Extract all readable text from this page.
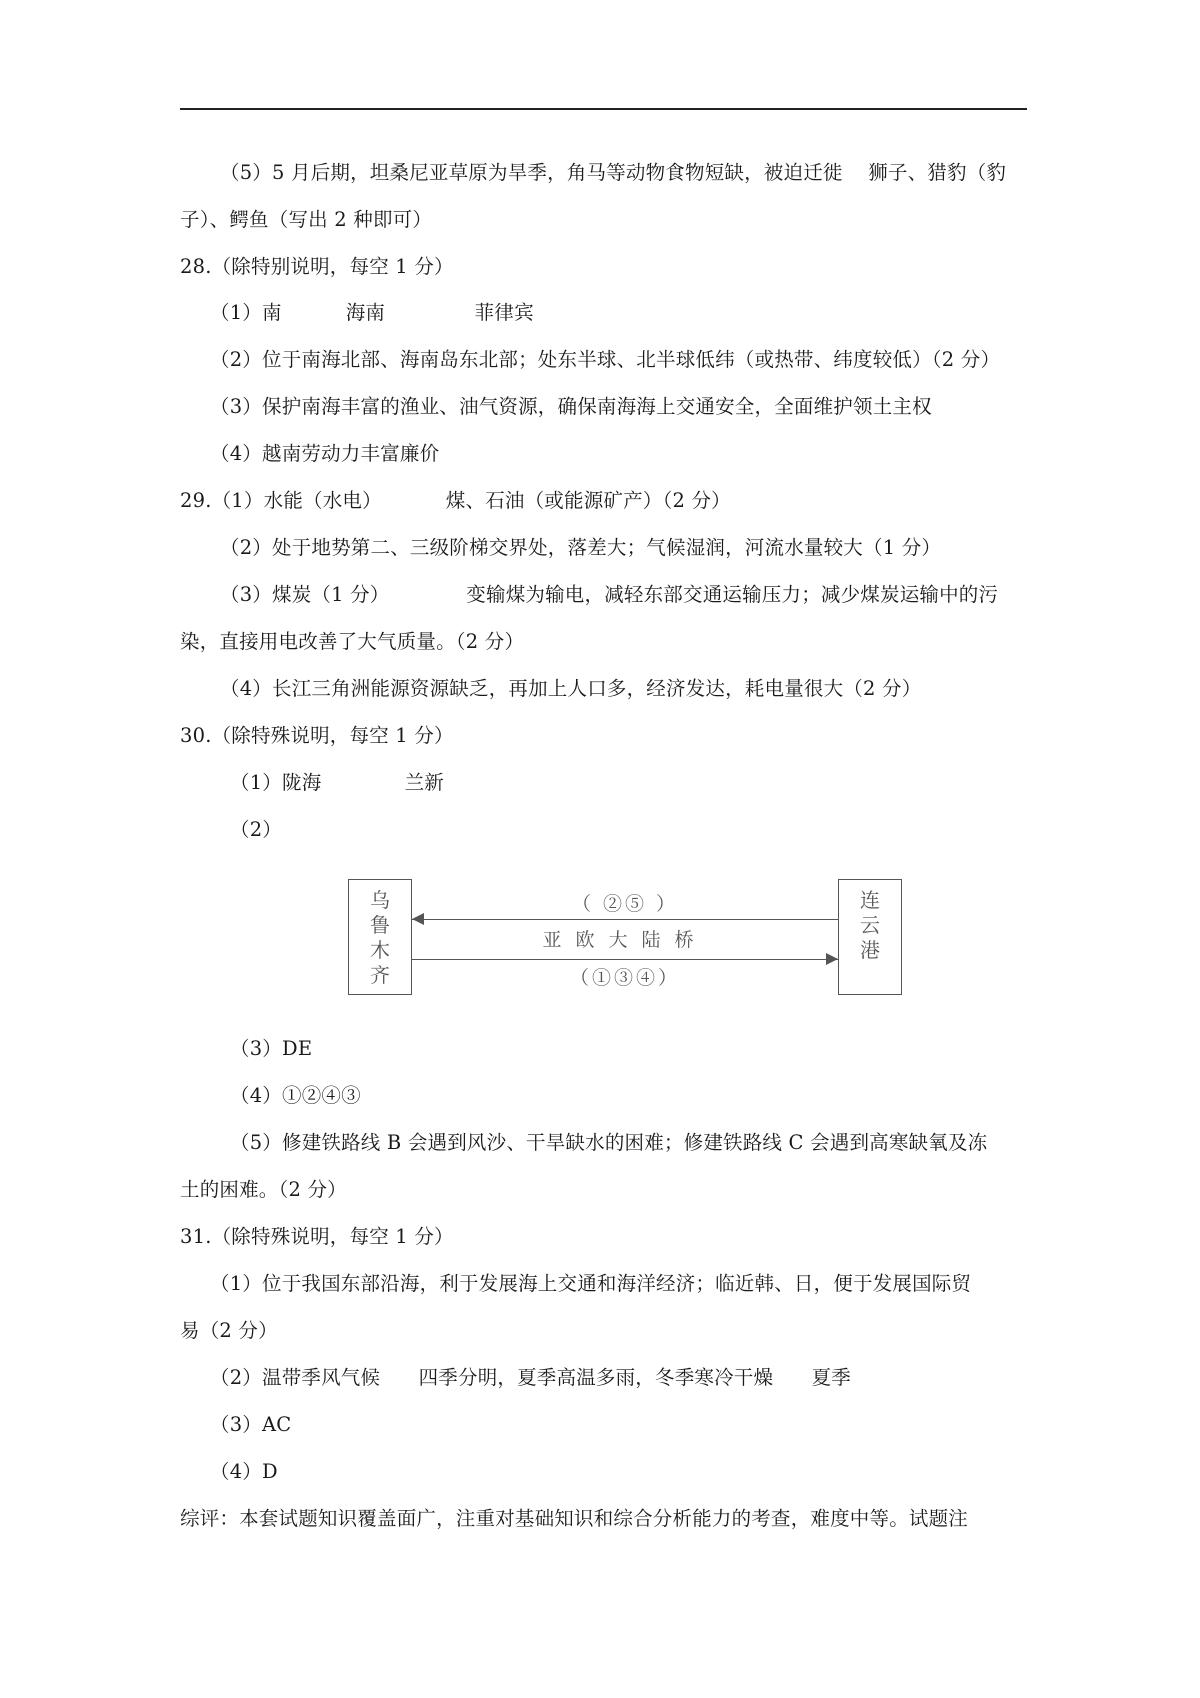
（5）5 月后期，坦桑尼亚草原为旱季，角马等动物食物短缺，被迫迁徙    狮子、猎豹（豹
子）、鳄鱼（写出 2 种即可）
28.（除特别说明，每空 1 分）
（1）南          海南              菲律宾
（2）位于南海北部、海南岛东北部；处东半球、北半球低纬（或热带、纬度较低）（2 分）
（3）保护南海丰富的渔业、油气资源，确保南海海上交通安全，全面维护领土主权
（4）越南劳动力丰富廉价
29.（1）水能（水电）          煤、石油（或能源矿产）（2 分）
（2）处于地势第二、三级阶梯交界处，落差大；气候湿润，河流水量较大（1 分）
（3）煤炭（1 分）            变输煤为输电，减轻东部交通运输压力；减少煤炭运输中的污
染，直接用电改善了大气质量。（2 分）
（4）长江三角洲能源资源缺乏，再加上人口多，经济发达，耗电量很大（2 分）
30.（除特殊说明，每空 1 分）
（1）陇海             兰新
（2）
乌鲁木齐
连云港
（ ②⑤ ）
亚欧大陆桥
（①③④）
（3）DE
（4）①②④③
（5）修建铁路线 B 会遇到风沙、干旱缺水的困难；修建铁路线 C 会遇到高寒缺氧及冻
土的困难。（2 分）
31.（除特殊说明，每空 1 分）
（1）位于我国东部沿海，利于发展海上交通和海洋经济；临近韩、日，便于发展国际贸
易（2 分）
（2）温带季风气候      四季分明，夏季高温多雨，冬季寒冷干燥      夏季
（3）AC
（4）D
综评：本套试题知识覆盖面广，注重对基础知识和综合分析能力的考查，难度中等。试题注
